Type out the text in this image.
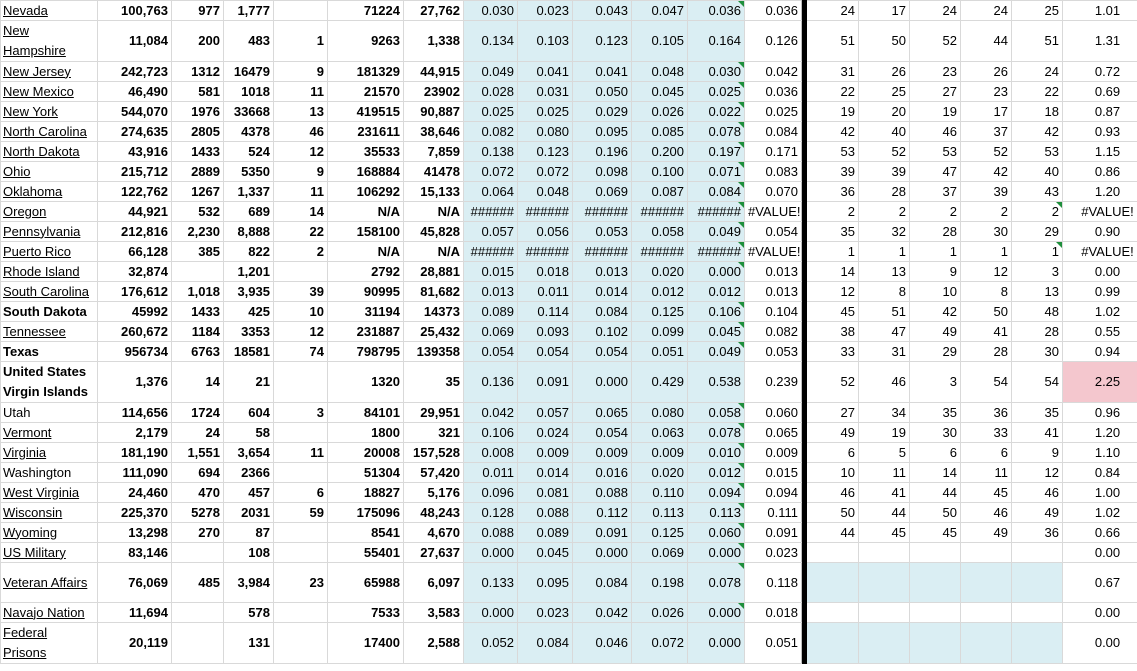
Nevada	100,763	977	1,777		71224	27,762	0.030	0.023	0.043	0.047	0.036	0.036		24	17	24	24	25	1.01
New Hampshire	11,084	200	483	1	9263	1,338	0.134	0.103	0.123	0.105	0.164	0.126		51	50	52	44	51	1.31
New Jersey	242,723	1312	16479	9	181329	44,915	0.049	0.041	0.041	0.048	0.030	0.042		31	26	23	26	24	0.72
New Mexico	46,490	581	1018	11	21570	23902	0.028	0.031	0.050	0.045	0.025	0.036		22	25	27	23	22	0.69
New York	544,070	1976	33668	13	419515	90,887	0.025	0.025	0.029	0.026	0.022	0.025		19	20	19	17	18	0.87
North Carolina	274,635	2805	4378	46	231611	38,646	0.082	0.080	0.095	0.085	0.078	0.084		42	40	46	37	42	0.93
North Dakota	43,916	1433	524	12	35533	7,859	0.138	0.123	0.196	0.200	0.197	0.171		53	52	53	52	53	1.15
Ohio	215,712	2889	5350	9	168884	41478	0.072	0.072	0.098	0.100	0.071	0.083		39	39	47	42	40	0.86
Oklahoma	122,762	1267	1,337	11	106292	15,133	0.064	0.048	0.069	0.087	0.084	0.070		36	28	37	39	43	1.20
Oregon	44,921	532	689	14	N/A	N/A	######	######	######	######	######	#VALUE!		2	2	2	2	2	#VALUE!
Pennsylvania	212,816	2,230	8,888	22	158100	45,828	0.057	0.056	0.053	0.058	0.049	0.054		35	32	28	30	29	0.90
Puerto Rico	66,128	385	822	2	N/A	N/A	######	######	######	######	######	#VALUE!		1	1	1	1	1	#VALUE!
Rhode Island	32,874		1,201		2792	28,881	0.015	0.018	0.013	0.020	0.000	0.013		14	13	9	12	3	0.00
South Carolina	176,612	1,018	3,935	39	90995	81,682	0.013	0.011	0.014	0.012	0.012	0.013		12	8	10	8	13	0.99
South Dakota	45992	1433	425	10	31194	14373	0.089	0.114	0.084	0.125	0.106	0.104		45	51	42	50	48	1.02
Tennessee	260,672	1184	3353	12	231887	25,432	0.069	0.093	0.102	0.099	0.045	0.082		38	47	49	41	28	0.55
Texas	956734	6763	18581	74	798795	139358	0.054	0.054	0.054	0.051	0.049	0.053		33	31	29	28	30	0.94
United States Virgin Islands	1,376	14	21		1320	35	0.136	0.091	0.000	0.429	0.538	0.239		52	46	3	54	54	2.25
Utah	114,656	1724	604	3	84101	29,951	0.042	0.057	0.065	0.080	0.058	0.060		27	34	35	36	35	0.96
Vermont	2,179	24	58		1800	321	0.106	0.024	0.054	0.063	0.078	0.065		49	19	30	33	41	1.20
Virginia	181,190	1,551	3,654	11	20008	157,528	0.008	0.009	0.009	0.009	0.010	0.009		6	5	6	6	9	1.10
Washington	111,090	694	2366		51304	57,420	0.011	0.014	0.016	0.020	0.012	0.015		10	11	14	11	12	0.84
West Virginia	24,460	470	457	6	18827	5,176	0.096	0.081	0.088	0.110	0.094	0.094		46	41	44	45	46	1.00
Wisconsin	225,370	5278	2031	59	175096	48,243	0.128	0.088	0.112	0.113	0.113	0.111		50	44	50	46	49	1.02
Wyoming	13,298	270	87		8541	4,670	0.088	0.089	0.091	0.125	0.060	0.091		44	45	45	49	36	0.66
US Military	83,146		108		55401	27,637	0.000	0.045	0.000	0.069	0.000	0.023							0.00
Veteran Affairs	76,069	485	3,984	23	65988	6,097	0.133	0.095	0.084	0.198	0.078	0.118							0.67
Navajo Nation	11,694		578		7533	3,583	0.000	0.023	0.042	0.026	0.000	0.018							0.00
Federal Prisons	20,119		131		17400	2,588	0.052	0.084	0.046	0.072	0.000	0.051							0.00
